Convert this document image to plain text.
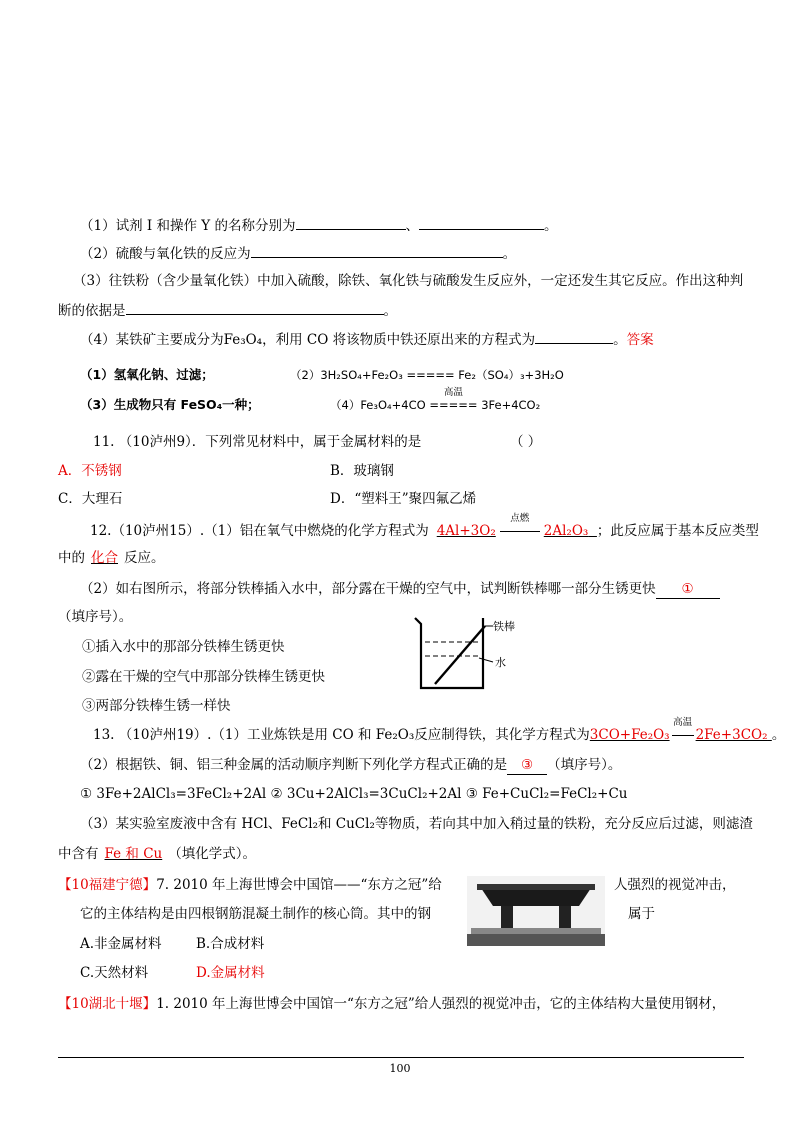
（1）试剂 I 和操作 Y 的名称分别为	、	。
（2）硫酸与氧化铁的反应为	。
（3）往铁粉（含少量氧化铁）中加入硫酸，除铁、氧化铁与硫酸发生反应外，一定还发生其它反应。作出这种判
断的依据是	。
（4）某铁矿主要成分为Fe₃O₄，利用 CO 将该物质中铁还原出来的方程式为	。答案
（1）氢氧化钠、过滤；	（2）3H₂SO₄+Fe₂O₃ ===== Fe₂（SO₄）₃+3H₂O
（3）生成物只有 FeSO₄一种；	（4）Fe₃O₄+4CO
高温
===== 3Fe+4CO₂
11. （10泸州9）．下列常见材料中，属于金属材料的是	（ ）
A．不锈钢	B．玻璃钢
C．大理石	D．“塑料王”聚四氟乙烯
12.（10泸州15）.（1）铝在氧气中燃烧的化学方程式为 4Al+3O₂
点燃
2Al₂O₃ ；此反应属于基本反应类型
中的 化合 反应。
（2）如右图所示，将部分铁棒插入水中，部分露在干燥的空气中，试判断铁棒哪一部分生锈更快 ①
（填序号）。
①插入水中的那部分铁棒生锈更快
②露在干燥的空气中那部分铁棒生锈更快
③两部分铁棒生锈一样快
铁棒
水
13. （10泸州19）.（1）工业炼铁是用 CO 和 Fe₂O₃反应制得铁，其化学方程式为3CO+Fe₂O₃
高温
2Fe+3CO₂ 。
（2）根据铁、铜、铝三种金属的活动顺序判断下列化学方程式正确的是 ③ （填序号）。
① 3Fe+2AlCl₃=3FeCl₂+2Al ② 3Cu+2AlCl₃=3CuCl₂+2Al ③ Fe+CuCl₂=FeCl₂+Cu
（3）某实验室废液中含有 HCl、FeCl₂和 CuCl₂等物质，若向其中加入稍过量的铁粉，充分反应后过滤，则滤渣
中含有 Fe 和 Cu （填化学式）。
【10福建宁德】7. 2010 年上海世博会中国馆——“东方之冠”给	人强烈的视觉冲击，
它的主体结构是由四根钢筋混凝土制作的核心筒。其中的钢	属于
A.非金属材料	B.合成材料
C.天然材料	D.金属材料
【10湖北十堰】1. 2010 年上海世博会中国馆一“东方之冠”给人强烈的视觉冲击，它的主体结构大量使用钢材，
100
